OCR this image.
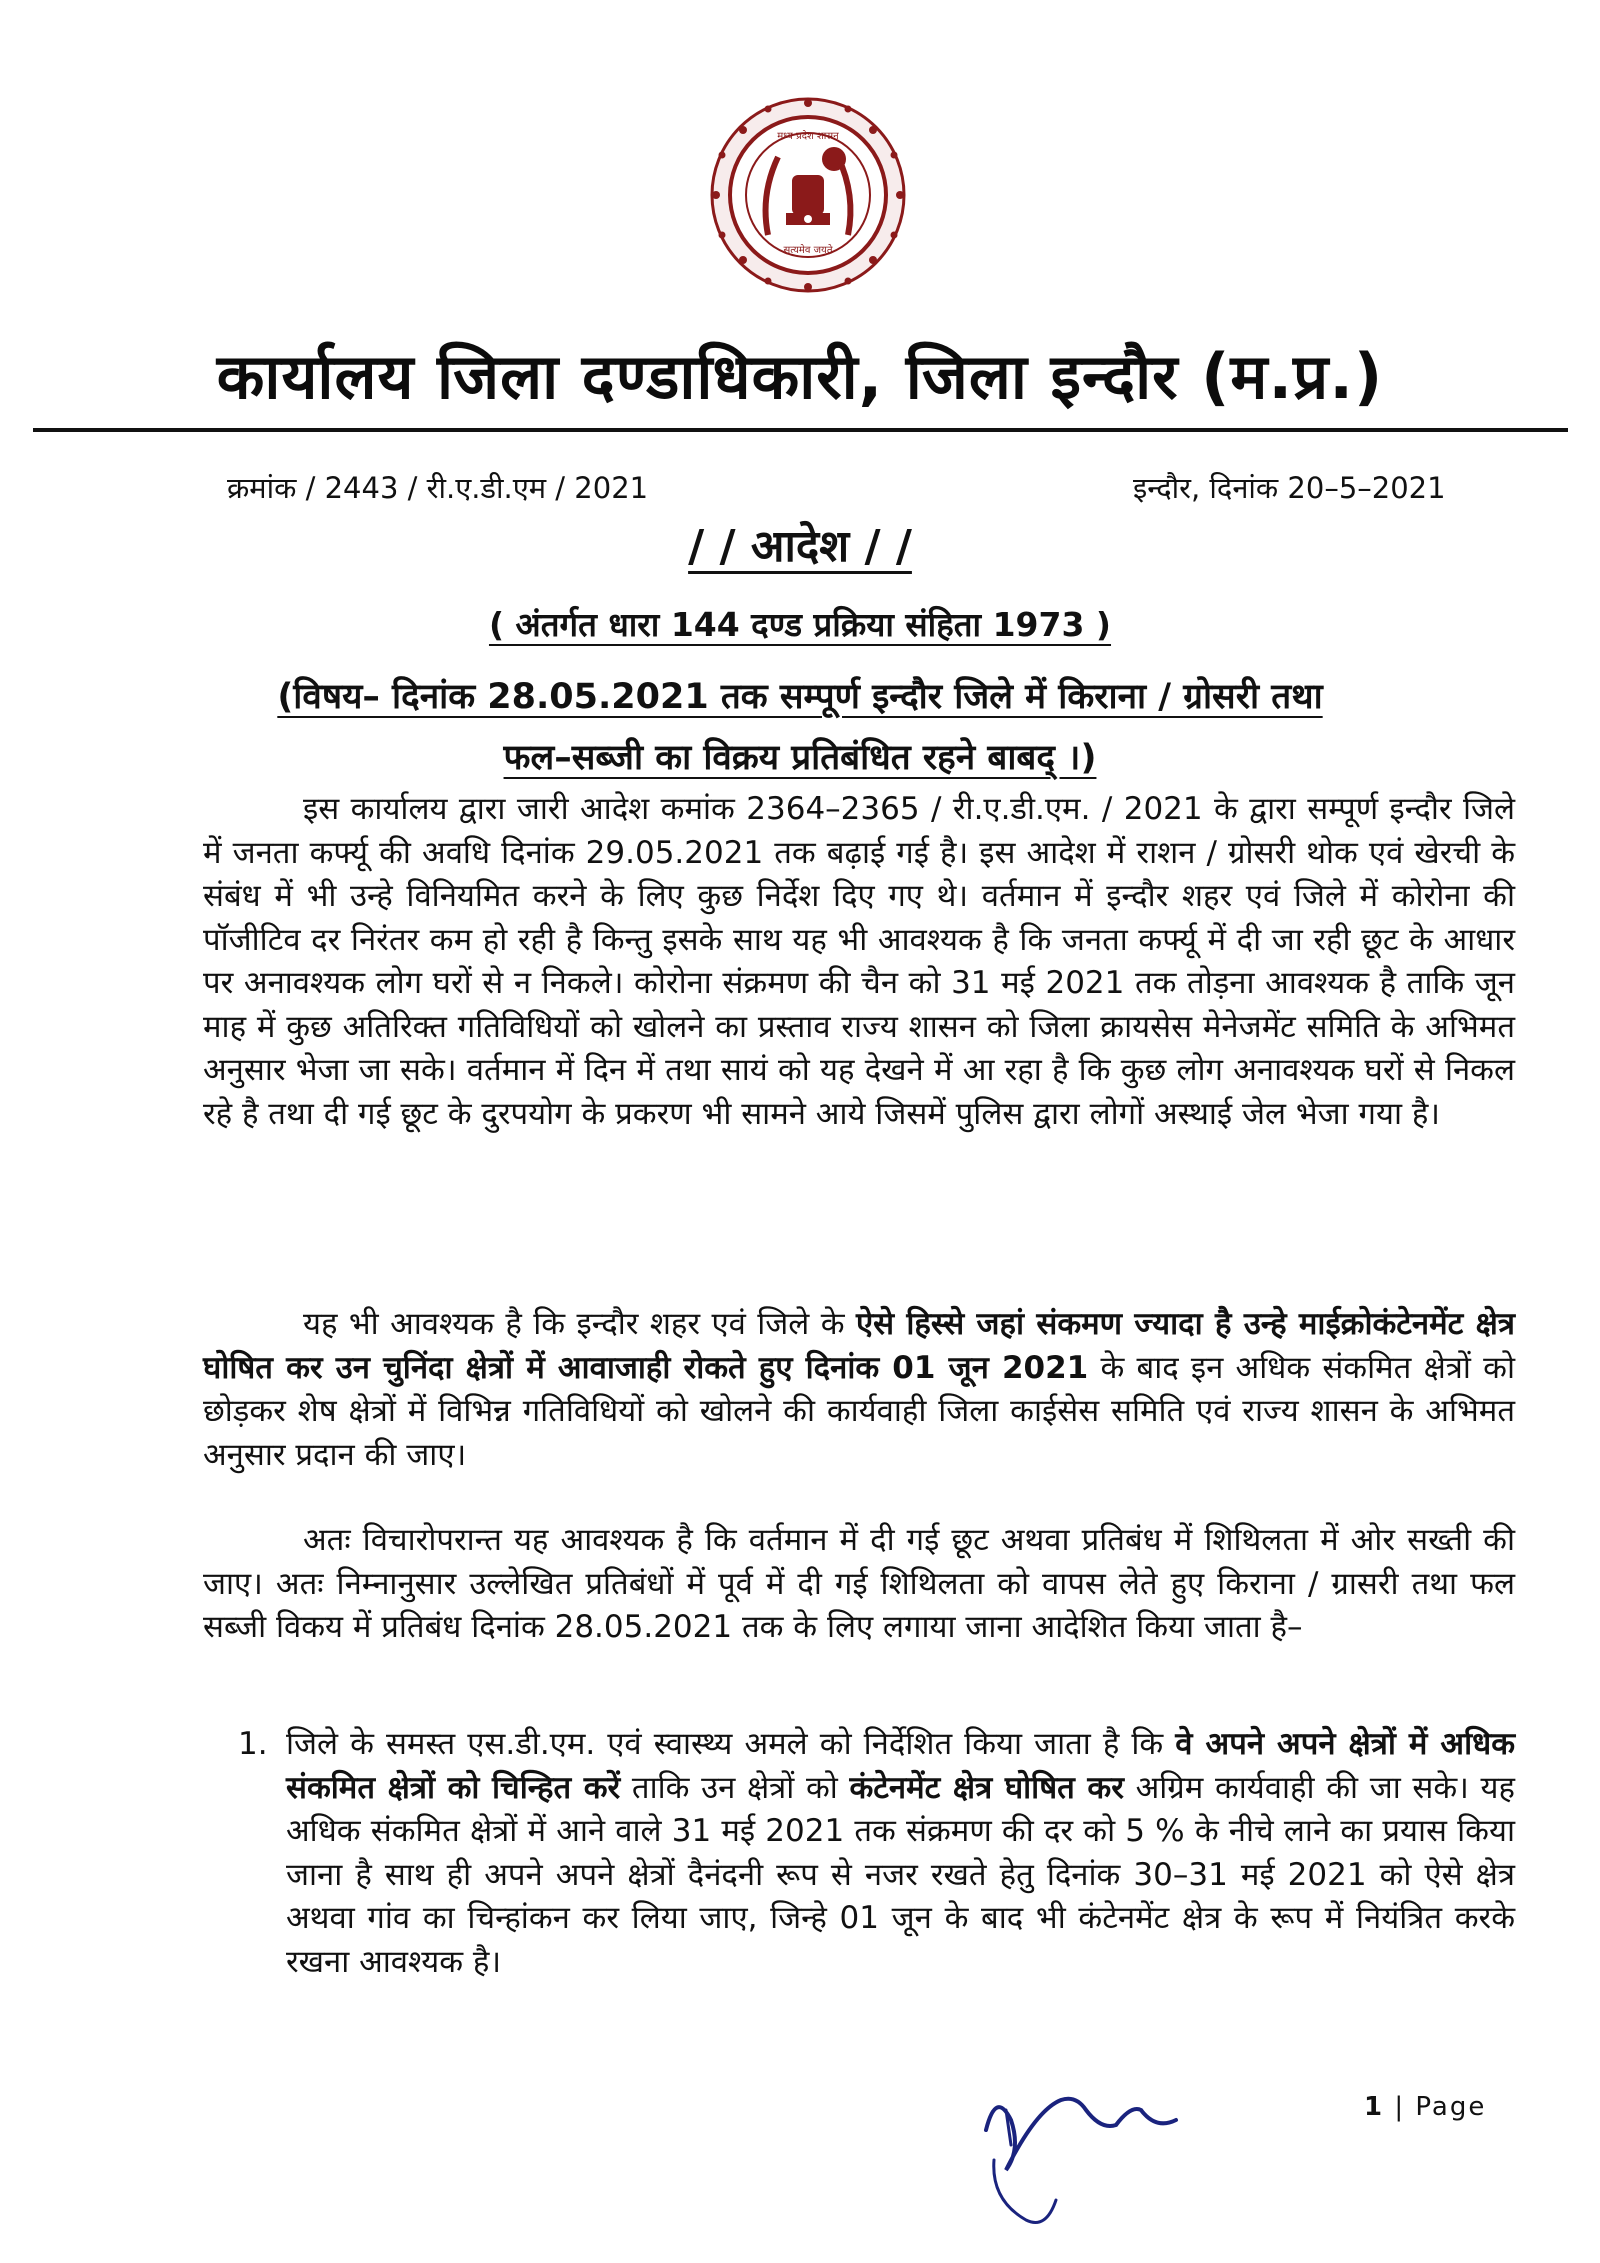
मध्य प्रदेश शासन
सत्यमेव जयते
कार्यालय जिला दण्डाधिकारी, जिला इन्दौर (म.प्र.)
क्रमांक / 2443 / री.ए.डी.एम / 2021	इन्दौर, दिनांक 20–5–2021
/ / आदेश / /
( अंतर्गत धारा 144 दण्ड प्रक्रिया संहिता 1973 )
(विषय– दिनांक 28.05.2021 तक सम्पूर्ण इन्दौर जिले में किराना / ग्रोसरी तथा
फल–सब्जी का विक्रय प्रतिबंधित रहने बाबद् ।)
इस कार्यालय द्वारा जारी आदेश कमांक 2364–2365 / री.ए.डी.एम. / 2021 के द्वारा सम्पूर्ण इन्दौर जिले में जनता कर्फ्यू की अवधि दिनांक 29.05.2021 तक बढ़ाई गई है। इस आदेश में राशन / ग्रोसरी थोक एवं खेरची के संबंध में भी उन्हे विनियमित करने के लिए कुछ निर्देश दिए गए थे। वर्तमान में इन्दौर शहर एवं जिले में कोरोना की पॉजीटिव दर निरंतर कम हो रही है किन्तु इसके साथ यह भी आवश्यक है कि जनता कर्फ्यू में दी जा रही छूट के आधार पर अनावश्यक लोग घरों से न निकले। कोरोना संक्रमण की चैन को 31 मई 2021 तक तोड़ना आवश्यक है ताकि जून माह में कुछ अतिरिक्त गतिविधियों को खोलने का प्रस्ताव राज्य शासन को जिला क्रायसेस मेनेजमेंट समिति के अभिमत अनुसार भेजा जा सके। वर्तमान में दिन में तथा सायं को यह देखने में आ रहा है कि कुछ लोग अनावश्यक घरों से निकल रहे है तथा दी गई छूट के दुरपयोग के प्रकरण भी सामने आये जिसमें पुलिस द्वारा लोगों अस्थाई जेल भेजा गया है।
यह भी आवश्यक है कि इन्दौर शहर एवं जिले के ऐसे हिस्से जहां संकमण ज्यादा है उन्हे माईक्रोकंटेनमेंट क्षेत्र घोषित कर उन चुनिंदा क्षेत्रों में आवाजाही रोकते हुए दिनांक 01 जून 2021 के बाद इन अधिक संकमित क्षेत्रों को छोड़कर शेष क्षेत्रों में विभिन्न गतिविधियों को खोलने की कार्यवाही जिला काईसेस समिति एवं राज्य शासन के अभिमत अनुसार प्रदान की जाए।
अतः विचारोपरान्त यह आवश्यक है कि वर्तमान में दी गई छूट अथवा प्रतिबंध में शिथिलता में ओर सख्ती की जाए। अतः निम्नानुसार उल्लेखित प्रतिबंधों में पूर्व में दी गई शिथिलता को वापस लेते हुए किराना / ग्रासरी तथा फल सब्जी विकय में प्रतिबंध दिनांक 28.05.2021 तक के लिए लगाया जाना आदेशित किया जाता है–
1. जिले के समस्त एस.डी.एम. एवं स्वास्थ्य अमले को निर्देशित किया जाता है कि वे अपने अपने क्षेत्रों में अधिक संकमित क्षेत्रों को चिन्हित करें ताकि उन क्षेत्रों को कंटेनमेंट क्षेत्र घोषित कर अग्रिम कार्यवाही की जा सके। यह अधिक संकमित क्षेत्रों में आने वाले 31 मई 2021 तक संक्रमण की दर को 5 % के नीचे लाने का प्रयास किया जाना है साथ ही अपने अपने क्षेत्रों दैनंदनी रूप से नजर रखते हेतु दिनांक 30–31 मई 2021 को ऐसे क्षेत्र अथवा गांव का चिन्हांकन कर लिया जाए, जिन्हे 01 जून के बाद भी कंटेनमेंट क्षेत्र के रूप में नियंत्रित करके रखना आवश्यक है।
1 | Page
